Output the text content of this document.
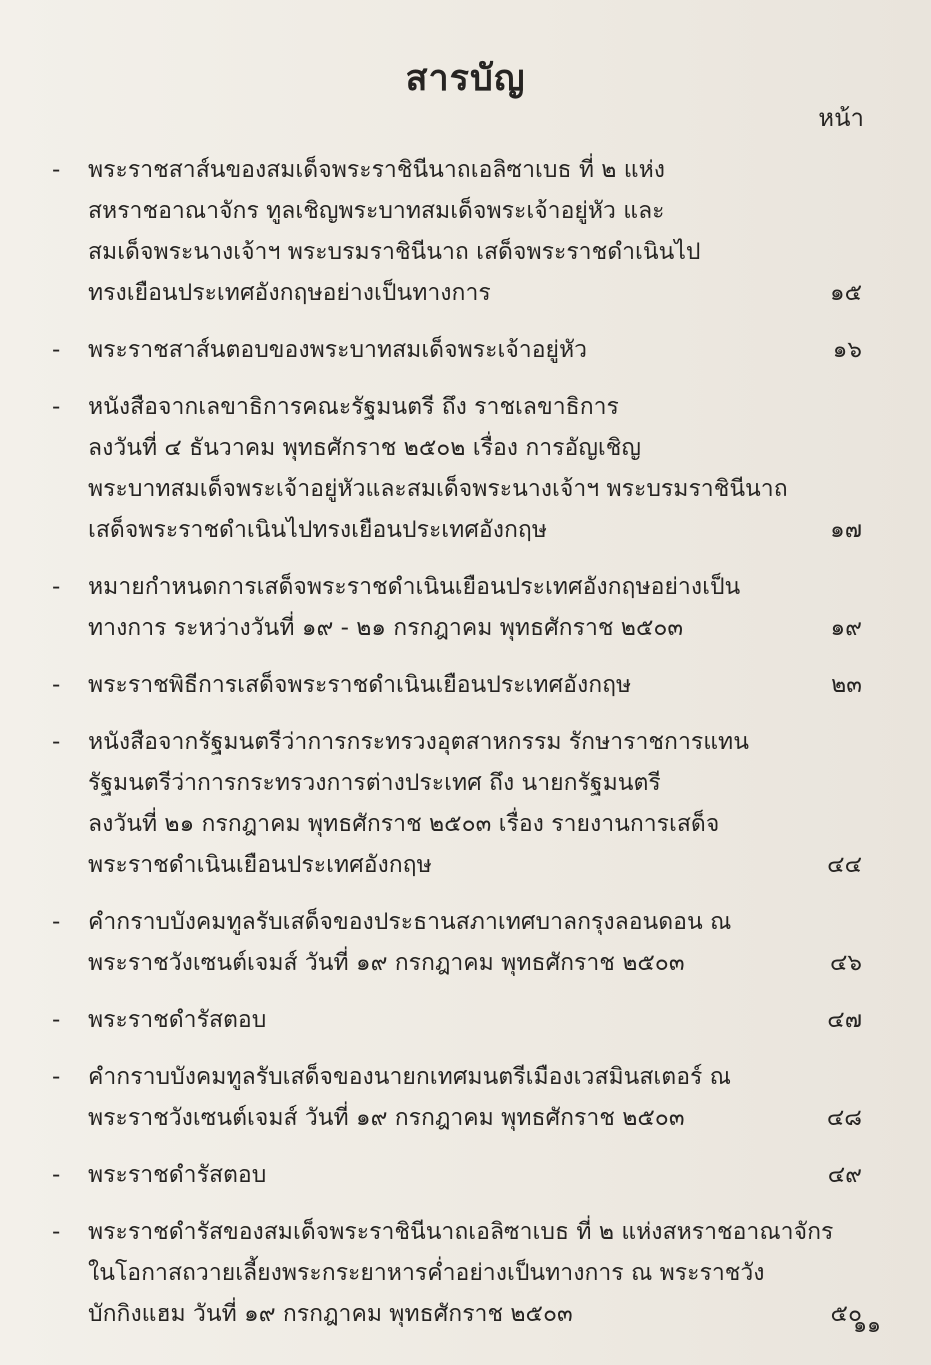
สารบัญ
หน้า
-	พระราชสาส์นของสมเด็จพระราชินีนาถเอลิซาเบธ ที่ ๒ แห่ง
สหราชอาณาจักร ทูลเชิญพระบาทสมเด็จพระเจ้าอยู่หัว และ
สมเด็จพระนางเจ้าฯ พระบรมราชินีนาถ เสด็จพระราชดำเนินไป
ทรงเยือนประเทศอังกฤษอย่างเป็นทางการ	๑๕
-	พระราชสาส์นตอบของพระบาทสมเด็จพระเจ้าอยู่หัว	๑๖
-	หนังสือจากเลขาธิการคณะรัฐมนตรี ถึง ราชเลขาธิการ
ลงวันที่ ๔ ธันวาคม พุทธศักราช ๒๕๐๒ เรื่อง การอัญเชิญ
พระบาทสมเด็จพระเจ้าอยู่หัวและสมเด็จพระนางเจ้าฯ พระบรมราชินีนาถ
เสด็จพระราชดำเนินไปทรงเยือนประเทศอังกฤษ	๑๗
-	หมายกำหนดการเสด็จพระราชดำเนินเยือนประเทศอังกฤษอย่างเป็น
ทางการ ระหว่างวันที่ ๑๙ - ๒๑ กรกฎาคม พุทธศักราช ๒๕๐๓	๑๙
-	พระราชพิธีการเสด็จพระราชดำเนินเยือนประเทศอังกฤษ	๒๓
-	หนังสือจากรัฐมนตรีว่าการกระทรวงอุตสาหกรรม รักษาราชการแทน
รัฐมนตรีว่าการกระทรวงการต่างประเทศ ถึง นายกรัฐมนตรี
ลงวันที่ ๒๑ กรกฎาคม พุทธศักราช ๒๕๐๓ เรื่อง รายงานการเสด็จ
พระราชดำเนินเยือนประเทศอังกฤษ	๔๔
-	คำกราบบังคมทูลรับเสด็จของประธานสภาเทศบาลกรุงลอนดอน ณ
พระราชวังเซนต์เจมส์ วันที่ ๑๙ กรกฎาคม พุทธศักราช ๒๕๐๓	๔๖
-	พระราชดำรัสตอบ	๔๗
-	คำกราบบังคมทูลรับเสด็จของนายกเทศมนตรีเมืองเวสมินสเตอร์ ณ
พระราชวังเซนต์เจมส์ วันที่ ๑๙ กรกฎาคม พุทธศักราช ๒๕๐๓	๔๘
-	พระราชดำรัสตอบ	๔๙
-	พระราชดำรัสของสมเด็จพระราชินีนาถเอลิซาเบธ ที่ ๒ แห่งสหราชอาณาจักร
ในโอกาสถวายเลี้ยงพระกระยาหารค่ำอย่างเป็นทางการ ณ พระราชวัง
บักกิงแฮม วันที่ ๑๙ กรกฎาคม พุทธศักราช ๒๕๐๓	๕๐
๑๑
